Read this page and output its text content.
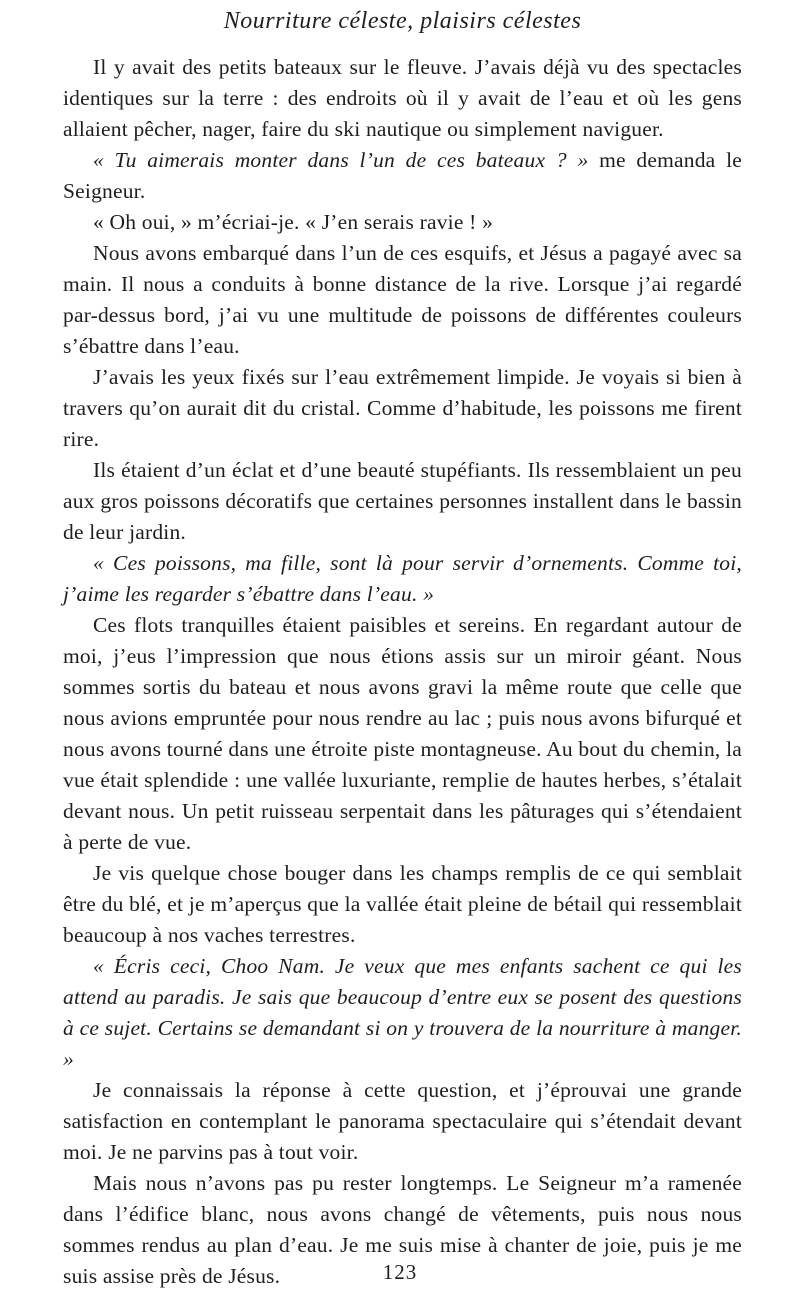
Nourriture céleste, plaisirs célestes

Il y avait des petits bateaux sur le fleuve. J’avais déjà vu des spectacles identiques sur la terre : des endroits où il y avait de l’eau et où les gens allaient pêcher, nager, faire du ski nautique ou simplement naviguer.

« Tu aimerais monter dans l’un de ces bateaux ? » me demanda le Seigneur.

« Oh oui, » m’écriai-je. « J’en serais ravie ! »

Nous avons embarqué dans l’un de ces esquifs, et Jésus a pagayé avec sa main. Il nous a conduits à bonne distance de la rive. Lorsque j’ai regardé par-dessus bord, j’ai vu une multitude de poissons de différentes couleurs s’ébattre dans l’eau.

J’avais les yeux fixés sur l’eau extrêmement limpide. Je voyais si bien à travers qu’on aurait dit du cristal. Comme d’habitude, les poissons me firent rire.

Ils étaient d’un éclat et d’une beauté stupéfiants. Ils ressemblaient un peu aux gros poissons décoratifs que certaines personnes installent dans le bassin de leur jardin.

« Ces poissons, ma fille, sont là pour servir d’ornements. Comme toi, j’aime les regarder s’ébattre dans l’eau. »

Ces flots tranquilles étaient paisibles et sereins. En regardant autour de moi, j’eus l’impression que nous étions assis sur un miroir géant. Nous sommes sortis du bateau et nous avons gravi la même route que celle que nous avions empruntée pour nous rendre au lac ; puis nous avons bifurqué et nous avons tourné dans une étroite piste montagneuse. Au bout du chemin, la vue était splendide : une vallée luxuriante, remplie de hautes herbes, s’étalait devant nous. Un petit ruisseau serpentait dans les pâturages qui s’étendaient à perte de vue.

Je vis quelque chose bouger dans les champs remplis de ce qui semblait être du blé, et je m’aperçus que la vallée était pleine de bétail qui ressemblait beaucoup à nos vaches terrestres.

« Écris ceci, Choo Nam. Je veux que mes enfants sachent ce qui les attend au paradis. Je sais que beaucoup d’entre eux se posent des questions à ce sujet. Certains se demandant si on y trouvera de la nourriture à manger. »

Je connaissais la réponse à cette question, et j’éprouvai une grande satisfaction en contemplant le panorama spectaculaire qui s’étendait devant moi. Je ne parvins pas à tout voir.

Mais nous n’avons pas pu rester longtemps. Le Seigneur m’a ramenée dans l’édifice blanc, nous avons changé de vêtements, puis nous nous sommes rendus au plan d’eau. Je me suis mise à chanter de joie, puis je me suis assise près de Jésus.	123
